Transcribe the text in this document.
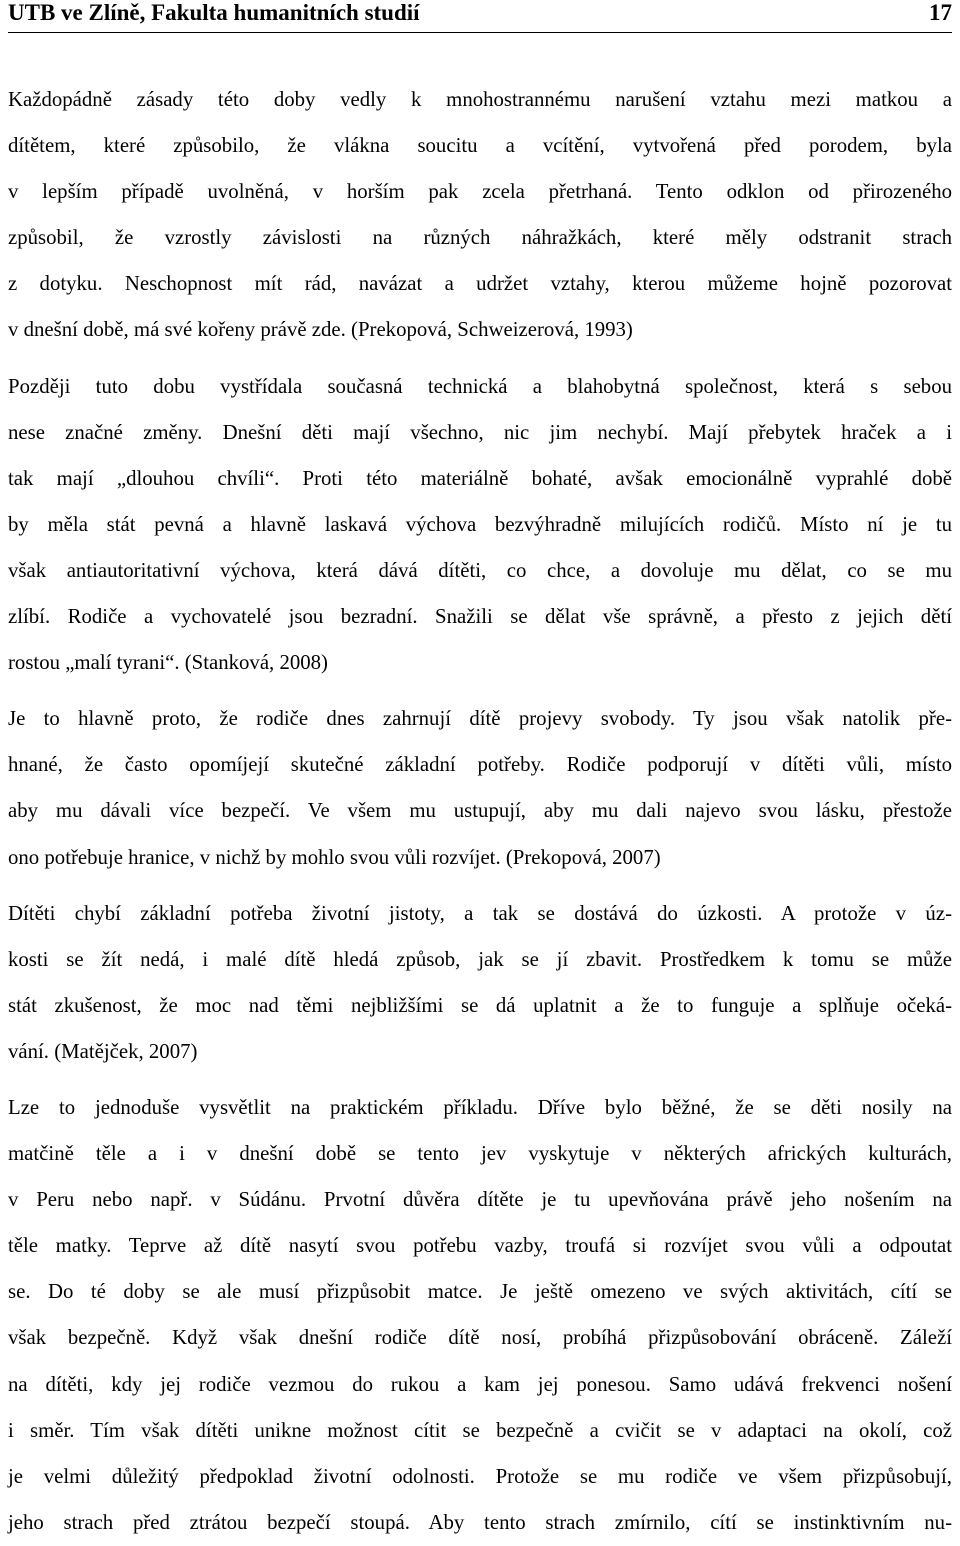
UTB ve Zlíně, Fakulta humanitních studií	17
Každopádně zásady této doby vedly k mnohostrannému narušení vztahu mezi matkou a
dítětem, které způsobilo, že vlákna soucitu a vcítění, vytvořená před porodem, byla
v lepším případě uvolněná, v horším pak zcela přetrhaná. Tento odklon od přirozeného
způsobil, že vzrostly závislosti na různých náhražkách, které měly odstranit strach
z dotyku. Neschopnost mít rád, navázat a udržet vztahy, kterou můžeme hojně pozorovat
v dnešní době, má své kořeny právě zde. (Prekopová, Schweizerová, 1993)
Později tuto dobu vystřídala současná technická a blahobytná společnost, která s sebou
nese značné změny. Dnešní děti mají všechno, nic jim nechybí. Mají přebytek hraček a i
tak mají „dlouhou chvíli“. Proti této materiálně bohaté, avšak emocionálně vyprahlé době
by měla stát pevná a hlavně laskavá výchova bezvýhradně milujících rodičů. Místo ní je tu
však antiautoritativní výchova, která dává dítěti, co chce, a dovoluje mu dělat, co se mu
zlíbí. Rodiče a vychovatelé jsou bezradní. Snažili se dělat vše správně, a přesto z jejich dětí
rostou „malí tyrani“. (Stanková, 2008)
Je to hlavně proto, že rodiče dnes zahrnují dítě projevy svobody. Ty jsou však natolik pře-
hnané, že často opomíjejí skutečné základní potřeby. Rodiče podporují v dítěti vůli, místo
aby mu dávali více bezpečí. Ve všem mu ustupují, aby mu dali najevo svou lásku, přestože
ono potřebuje hranice, v nichž by mohlo svou vůli rozvíjet. (Prekopová, 2007)
Dítěti chybí základní potřeba životní jistoty, a tak se dostává do úzkosti. A protože v úz-
kosti se žít nedá, i malé dítě hledá způsob, jak se jí zbavit. Prostředkem k tomu se může
stát zkušenost, že moc nad těmi nejbližšími se dá uplatnit a že to funguje a splňuje očeká-
vání. (Matějček, 2007)
Lze to jednoduše vysvětlit na praktickém příkladu. Dříve bylo běžné, že se děti nosily na
matčině těle a i v dnešní době se tento jev vyskytuje v některých afrických kulturách,
v Peru nebo např. v Súdánu. Prvotní důvěra dítěte je tu upevňována právě jeho nošením na
těle matky. Teprve až dítě nasytí svou potřebu vazby, troufá si rozvíjet svou vůli a odpoutat
se. Do té doby se ale musí přizpůsobit matce. Je ještě omezeno ve svých aktivitách, cítí se
však bezpečně. Když však dnešní rodiče dítě nosí, probíhá přizpůsobování obráceně. Záleží
na dítěti, kdy jej rodiče vezmou do rukou a kam jej ponesou. Samo udává frekvenci nošení
i směr. Tím však dítěti unikne možnost cítit se bezpečně a cvičit se v adaptaci na okolí, což
je velmi důležitý předpoklad životní odolnosti. Protože se mu rodiče ve všem přizpůsobují,
jeho strach před ztrátou bezpečí stoupá. Aby tento strach zmírnilo, cítí se instinktivním nu-
